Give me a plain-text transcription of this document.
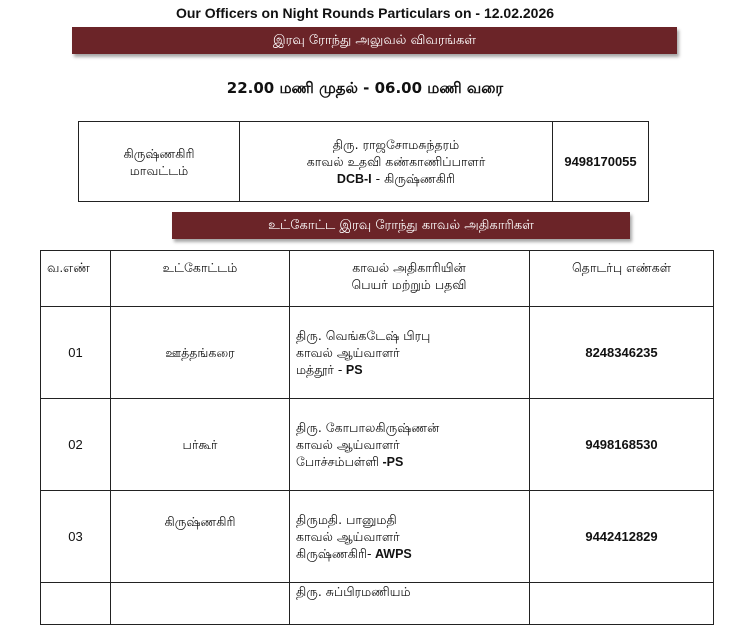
Our Officers on Night Rounds Particulars on - 12.02.2026
இரவு ரோந்து அலுவல் விவரங்கள்
22.00 மணி முதல் - 06.00 மணி வரை
கிருஷ்ணகிரி
மாவட்டம்

திரு. ராஜசோமசுந்தரம்
காவல் உதவி கண்காணிப்பாளர்
DCB-I - கிருஷ்ணகிரி
	9498170055
உட்கோட்ட இரவு ரோந்து காவல் அதிகாரிகள்
வ.எண்	உட்கோட்டம்	காவல் அதிகாரியின்
பெயர் மற்றும் பதவி	தொடர்பு எண்கள்
01	ஊத்தங்கரை	திரு. வெங்கடேஷ் பிரபு
காவல் ஆய்வாளர்
மத்தூர் - PS	8248346235
02	பர்கூர்	திரு. கோபாலகிருஷ்ணன்
காவல் ஆய்வாளர்
போச்சம்பள்ளி -PS	9498168530
03	கிருஷ்ணகிரி	திருமதி. பானுமதி
காவல் ஆய்வாளர்
கிருஷ்ணகிரி- AWPS	9442412829

		திரு. சுப்பிரமணியம்	
